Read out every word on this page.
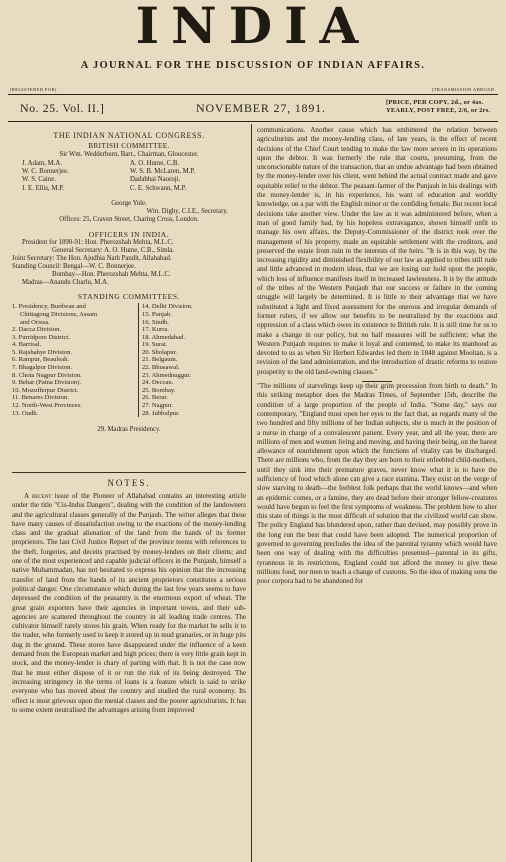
INDIA
A JOURNAL FOR THE DISCUSSION OF INDIAN AFFAIRS.
[REGISTERED FOR]	[TRANSMISSION ABROAD.
No. 25. Vol. II.]	NOVEMBER 27, 1891.	[PRICE, PER COPY, 2d., or 4as.
YEARLY, POST FREE, 2/6, or 2rs.
THE INDIAN NATIONAL CONGRESS.
BRITISH COMMITTEE.
Sir Wm. Wedderburn, Bart., Chairman, Gloucester.
J. Adam, M.A.
W. C. Bonnerjee.
W. S. Caine.
J. E. Ellis, M.P.
A. O. Hume, C.B.
W. S. B. McLaren, M.P.
Dadabhai Naoroji.
C. E. Schwann, M.P.
George Yule.
Wm. Digby, C.I.E., Secretary.
Offices: 25, Craven Street, Charing Cross, London.
OFFICERS IN INDIA.
President for 1890-91: Hon. Pherozshah Mehta, M.L.C.
General Secretary: A. O. Hume, C.B., Simla.
Joint Secretary: The Hon. Ajudhia Nath Pandit, Allahabad.
Standing Council: Bengal—W. C. Bonnerjee.
Bombay—Hon. Pherozshah Mehta, M.L.C.
Madras—Anandu Charlu, M.A.
STANDING COMMITTEES.
1. Presidency, Burdwan and
Chittagong Divisions, Assam
and Orissa.
2. Dacca Division.
3. Furridpore District.
4. Barrisal.
5. Rajshahye Division.
6. Rampur, Beauleah.
7. Bhagalpur Division.
8. Chota Nagpur Division.
9. Behar (Patna Division).
10. Mozufferpur District.
11. Benares Division.
12. North-West Provinces.
13. Oudh.
14. Delhi Division.
15. Punjab.
16. Sindh.
17. Kurra.
18. Ahmedabad.
19. Surat.
20. Sholapur.
21. Belgaum.
22. Bhusawal.
23. Ahmednuggur.
24. Deccan.
25. Bombay.
26. Berar.
27. Nagpur.
28. Jubbulpur.
29. Madras Presidency.
NOTES.

A recent issue of the Pioneer of Allahabad contains an interesting article under the title "Cis-Indus Dangers", dealing with the condition of the landowners and the agricultural classes generally of the Punjaub. The writer alleges that these have many causes of dissatisfaction owing to the exactions of the money-lending class and the gradual alienation of the land from the hands of its former proprietors. The last Civil Justice Report of the province teems with references to the theft, forgeries, and deceits practised by money-lenders on their clients; and one of the most experienced and capable judicial officers in the Punjaub, himself a native Muhammadan, has not hesitated to express his opinion that the increasing transfer of land from the hands of its ancient proprietors constitutes a serious political danger. One circumstance which during the last few years seems to have depressed the condition of the peasantry is the enormous export of wheat. The great grain exporters have their agencies in important towns, and their sub-agencies are scattered throughout the country in all leading trade centres. The cultivator himself rarely stores his grain. When ready for the market he sells it to the trader, who formerly used to keep it stored up in mud granaries, or in huge pits dug in the ground. These stores have disappeared under the influence of a keen demand from the European market and high prices; there is very little grain kept in stock, and the money-lender is chary of parting with that. It is not the case now that he must either dispose of it or run the risk of its being destroyed. The increasing stringency in the terms of loans is a feature which is said to strike everyone who has moved about the country and studied the rural economy. Its effect is most grievous upon the menial classes and the poorer agriculturists. It has to some extent neutralised the advantages arising from improved

communications. Another cause which has embittered the relation between agriculturists and the money-lending class, of late years, is the effect of recent decisions of the Chief Court tending to make the law more severe in its operations upon the debtor. It was formerly the rule that courts, presuming, from the unconscionable nature of the transaction, that an undue advantage had been obtained by the money-lender over his client, went behind the actual contract made and gave equitable relief to the debtor. The peasant-farmer of the Punjaub in his dealings with the money-lender is, in his experience, his want of education and worldly knowledge, on a par with the English minor or the confiding female. But recent local decisions take another view. Under the law as it was administered before, when a man of good family had, by his hopeless extravagance, shown himself unfit to manage his own affairs, the Deputy-Commissioner of the district took over the management of his property, made an equitable settlement with the creditors, and preserved the estate from ruin in the interests of the heirs. "It is in this way, by the increasing rigidity and diminished flexibility of our law as applied to tribes still rude and little advanced in modern ideas, that we are losing our hold upon the people, which loss of influence manifests itself in increased lawlessness. It is by the attitude of the tribes of the Western Punjaub that our success or failure in the coming struggle will largely be determined. It is little to their advantage that we have substituted a light and fixed assessment for the onerous and irregular demands of former rulers, if we allow our benefits to be neutralized by the exactions and oppression of a class which owes its existence to British rule. It is still time for us to make a change in our policy, but no half measures will be sufficient; what the Western Punjaub requires to make it loyal and contented, to make its manhood as devoted to us as when Sir Herbert Edwardes led them in 1848 against Mooltan, is a revision of the land administration, and the introduction of drastic reforms to restore prosperity to the old land-owning classes."

"The millions of starvelings keep up their grim procession from birth to death." In this striking metaphor does the Madras Times, of September 15th, describe the condition of a large proportion of the people of India. "Some day," says our contemporary, "England must open her eyes to the fact that, as regards many of the two hundred and fifty millions of her Indian subjects, she is much in the position of a nurse in charge of a convalescent patient. Every year, and all the year, there are millions of men and women living and moving, and having their being, on the barest allowance of nourishment upon which the functions of vitality can be discharged. There are millions who, from the day they are born to their enfeebled child-mothers, until they sink into their premature graves, never know what it is to have the sufficiency of food which alone can give a race stamina. They exist on the verge of slow starving to death—the feeblest folk perhaps that the world knows—and when an epidemic comes, or a famine, they are dead before their stronger fellow-creatures would have begun to feel the first symptoms of weakness. The problem how to alter this state of things is the most difficult of solution that the civilized world can show. The policy England has blundered upon, rather than devised, may possibly prove in the long run the best that could have been adopted. The numerical proportion of governed to governing precludes the idea of the parental tyranny which would have been one way of dealing with the difficulties presented—parental in its gifts, tyrannous in its restrictions, England could not afford the money to give these millions food, nor men to teach a change of customs. So the idea of making sons the poor corpora had to be abandoned for
